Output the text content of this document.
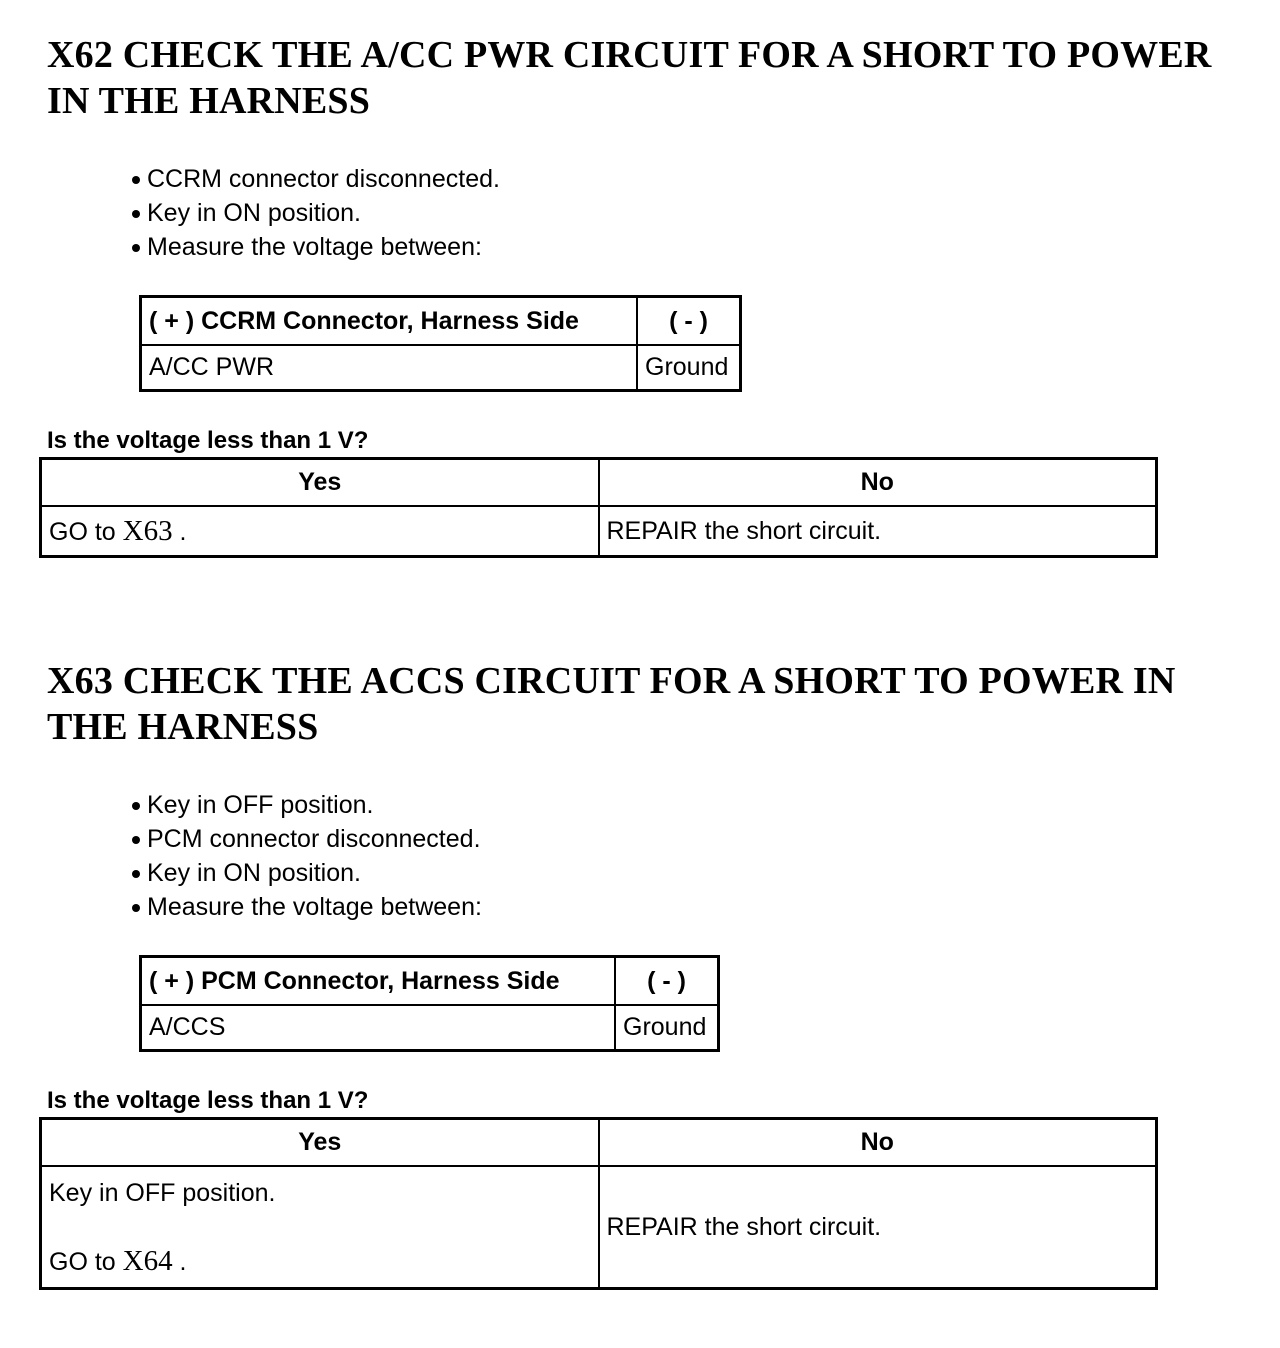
X62 CHECK THE A/CC PWR CIRCUIT FOR A SHORT TO POWER IN THE HARNESS
CCRM connector disconnected.
Key in ON position.
Measure the voltage between:
( + ) CCRM Connector, Harness Side	( - )
A/CC PWR	Ground

Is the voltage less than 1 V?

Yes	No
GO to X63 .	REPAIR the short circuit.
X63 CHECK THE ACCS CIRCUIT FOR A SHORT TO POWER IN THE HARNESS
Key in OFF position.
PCM connector disconnected.
Key in ON position.
Measure the voltage between:
( + ) PCM Connector, Harness Side	( - )
A/CCS	Ground

Is the voltage less than 1 V?

Yes	No

Key in OFF position.
GO to X64 .	REPAIR the short circuit.
